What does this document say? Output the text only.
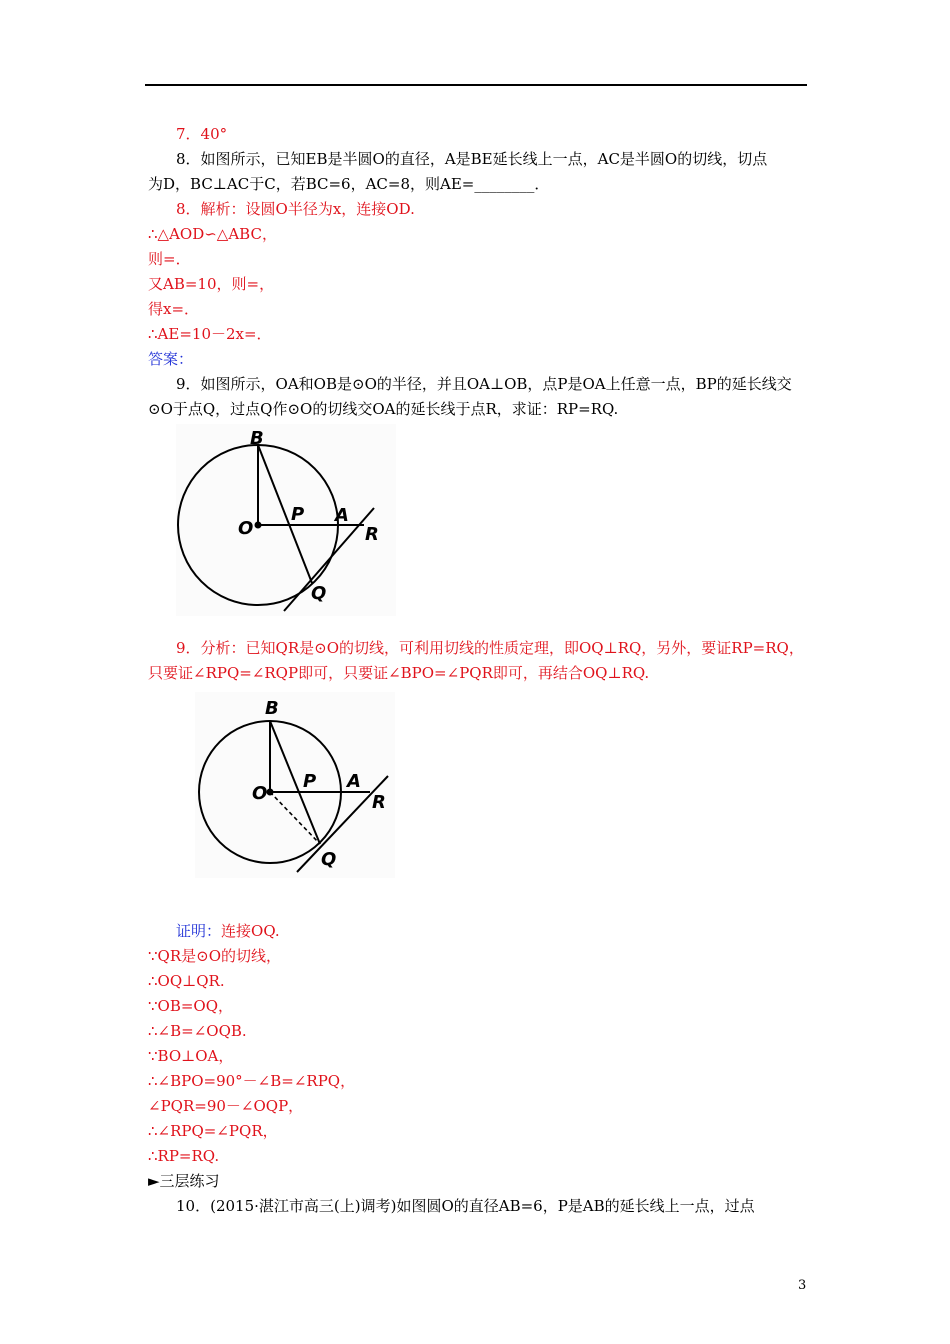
7．40°
8．如图所示，已知EB是半圆O的直径，A是BE延长线上一点，AC是半圆O的切线，切点
为D，BC⊥AC于C，若BC=6，AC=8，则AE=________．
8．解析：设圆O半径为x，连接OD.
∴△AOD∽△ABC，
则=．
又AB=10，则=，
得x=．
∴AE=10－2x=．
答案：
9．如图所示，OA和OB是⊙O的半径，并且OA⊥OB，点P是OA上任意一点，BP的延长线交
⊙O于点Q，过点Q作⊙O的切线交OA的延长线于点R，求证：RP=RQ.
B
O
P A
R
Q
9．分析：已知QR是⊙O的切线，可利用切线的性质定理，即OQ⊥RQ，另外，要证RP=RQ，
只要证∠RPQ=∠RQP即可，只要证∠BPO=∠PQR即可，再结合OQ⊥RQ.
B
O
P A
R
Q
证明：连接OQ.
∵QR是⊙O的切线，
∴OQ⊥QR.
∵OB=OQ，
∴∠B=∠OQB.
∵BO⊥OA，
∴∠BPO=90°－∠B=∠RPQ，
∠PQR=90－∠OQP，
∴∠RPQ=∠PQR，
∴RP=RQ.
►三层练习
10．(2015·湛江市高三(上)调考)如图圆O的直径AB=6，P是AB的延长线上一点，过点
3
